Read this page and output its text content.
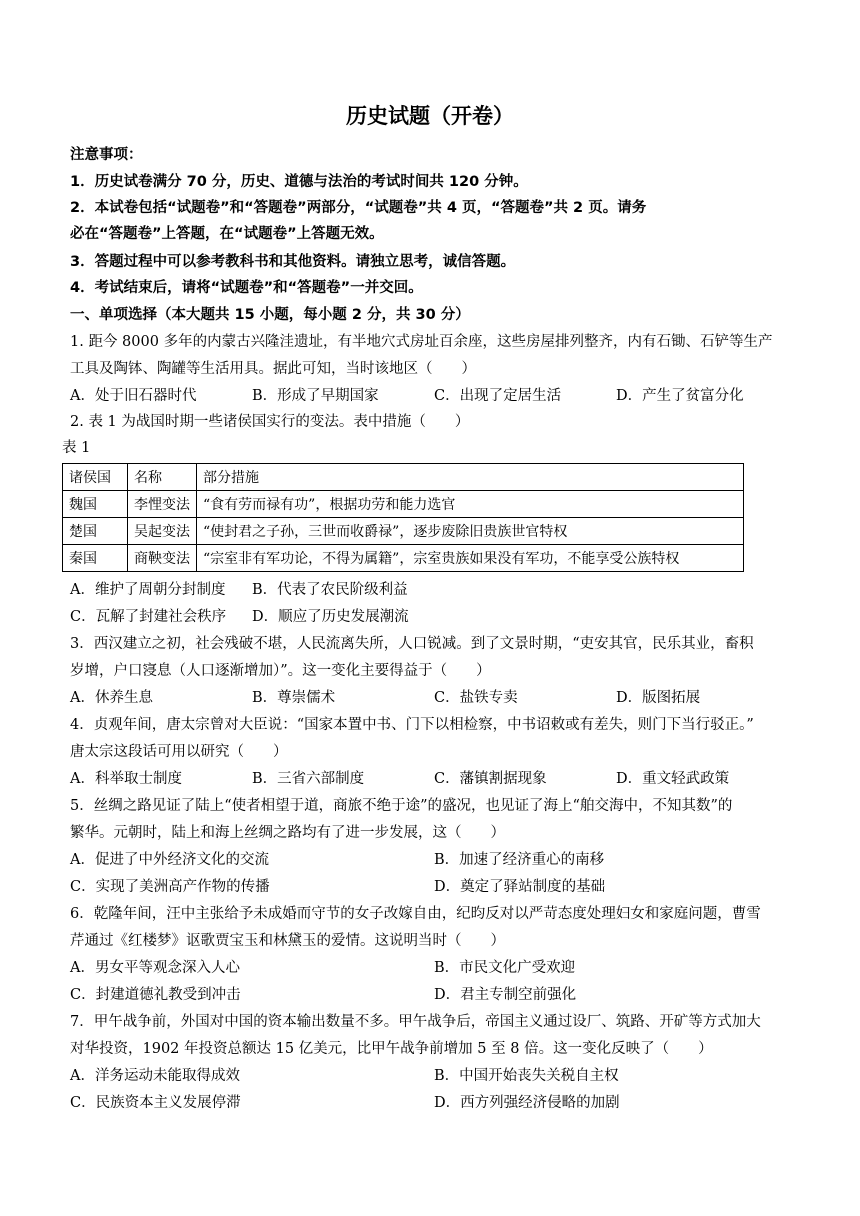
历史试题（开卷）
注意事项：
1．历史试卷满分 70 分，历史、道德与法治的考试时间共 120 分钟。
2．本试卷包括“试题卷”和“答题卷”两部分，“试题卷”共 4 页，“答题卷”共 2 页。请务
必在“答题卷”上答题，在“试题卷”上答题无效。
3．答题过程中可以参考教科书和其他资料。请独立思考，诚信答题。
4．考试结束后，请将“试题卷”和“答题卷”一并交回。
一、单项选择（本大题共 15 小题，每小题 2 分，共 30 分）
1. 距今 8000 多年的内蒙古兴隆洼遗址，有半地穴式房址百余座，这些房屋排列整齐，内有石锄、石铲等生产
工具及陶钵、陶罐等生活用具。据此可知，当时该地区（　　）
A．处于旧石器时代	B．形成了早期国家	C．出现了定居生活	D．产生了贫富分化
2. 表 1 为战国时期一些诸侯国实行的变法。表中措施（　　）
表 1
诸侯国	名称	部分措施
魏国	李悝变法	“食有劳而禄有功”，根据功劳和能力选官
楚国	吴起变法	“使封君之子孙，三世而收爵禄”，逐步废除旧贵族世官特权
秦国	商鞅变法	“宗室非有军功论，不得为属籍”，宗室贵族如果没有军功，不能享受公族特权
A．维护了周朝分封制度 B．代表了农民阶级利益
C．瓦解了封建社会秩序 D．顺应了历史发展潮流
3．西汉建立之初，社会残破不堪，人民流离失所，人口锐减。到了文景时期，“吏安其官，民乐其业，畜积
岁增，户口寖息（人口逐渐增加）”。这一变化主要得益于（　　）
A．休养生息	B．尊崇儒术	C．盐铁专卖	D．版图拓展
4．贞观年间，唐太宗曾对大臣说：“国家本置中书、门下以相检察，中书诏敕或有差失，则门下当行驳正。”
唐太宗这段话可用以研究（　　）
A．科举取士制度	B．三省六部制度	C．藩镇割据现象	D．重文轻武政策
5．丝绸之路见证了陆上“使者相望于道，商旅不绝于途”的盛况，也见证了海上“舶交海中，不知其数”的
繁华。元朝时，陆上和海上丝绸之路均有了进一步发展，这（　　）
A．促进了中外经济文化的交流	B．加速了经济重心的南移
C．实现了美洲高产作物的传播	D．奠定了驿站制度的基础
6．乾隆年间，汪中主张给予未成婚而守节的女子改嫁自由，纪昀反对以严苛态度处理妇女和家庭问题，曹雪
芹通过《红楼梦》讴歌贾宝玉和林黛玉的爱情。这说明当时（　　）
A．男女平等观念深入人心	B．市民文化广受欢迎
C．封建道德礼教受到冲击	D．君主专制空前强化
7．甲午战争前，外国对中国的资本输出数量不多。甲午战争后，帝国主义通过设厂、筑路、开矿等方式加大
对华投资，1902 年投资总额达 15 亿美元，比甲午战争前增加 5 至 8 倍。这一变化反映了（　　）
A．洋务运动未能取得成效	B．中国开始丧失关税自主权
C．民族资本主义发展停滞	D．西方列强经济侵略的加剧
